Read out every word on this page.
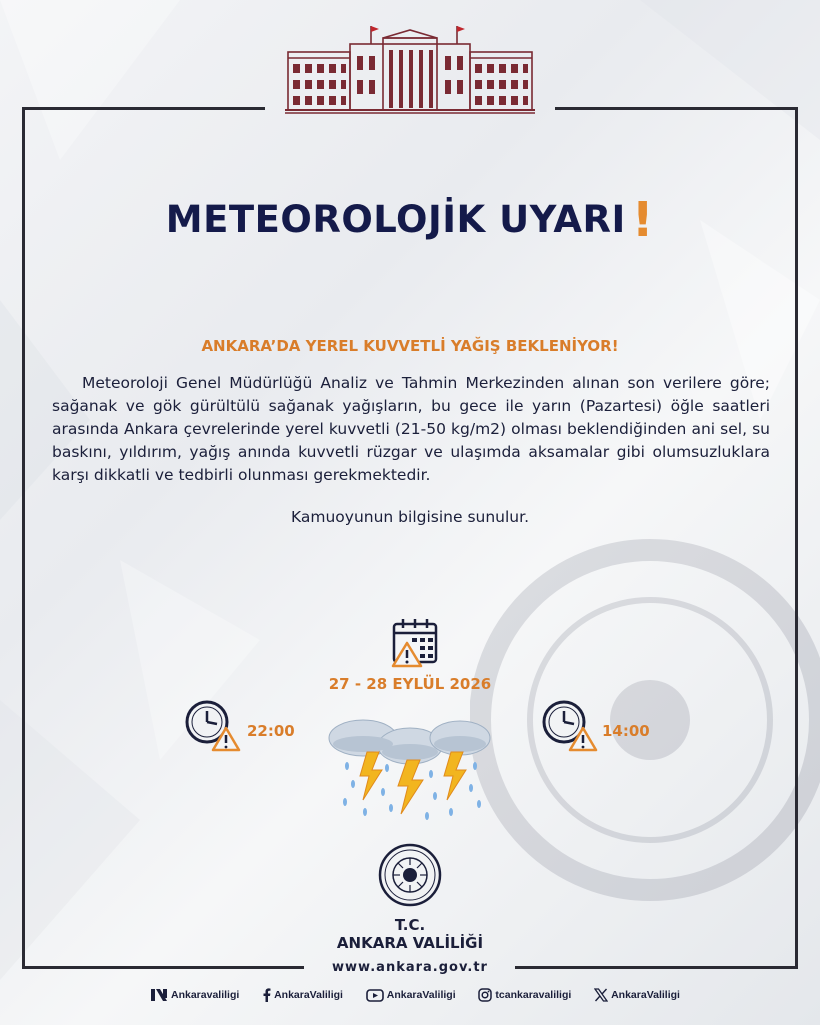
METEOROLOJİK UYARI !
ANKARA’DA YEREL KUVVETLİ YAĞIŞ BEKLENİYOR!
Meteoroloji Genel Müdürlüğü Analiz ve Tahmin Merkezinden alınan son verilere göre; sağanak ve gök gürültülü sağanak yağışların, bu gece ile yarın (Pazartesi) öğle saatleri arasında Ankara çevrelerinde yerel kuvvetli (21-50 kg/m2) olması beklendiğinden ani sel, su baskını, yıldırım, yağış anında kuvvetli rüzgar ve ulaşımda aksamalar gibi olumsuzluklara karşı dikkatli ve tedbirli olunması gerekmektedir.
Kamuoyunun bilgisine sunulur.
27 - 28 EYLÜL 2026
22:00	14:00
T.C.
ANKARA VALİLİĞİ
www.ankara.gov.tr
Ankaravaliligi	AnkaraValiligi	AnkaraValiligi	tcankaravaliligi	AnkaraValiligi
